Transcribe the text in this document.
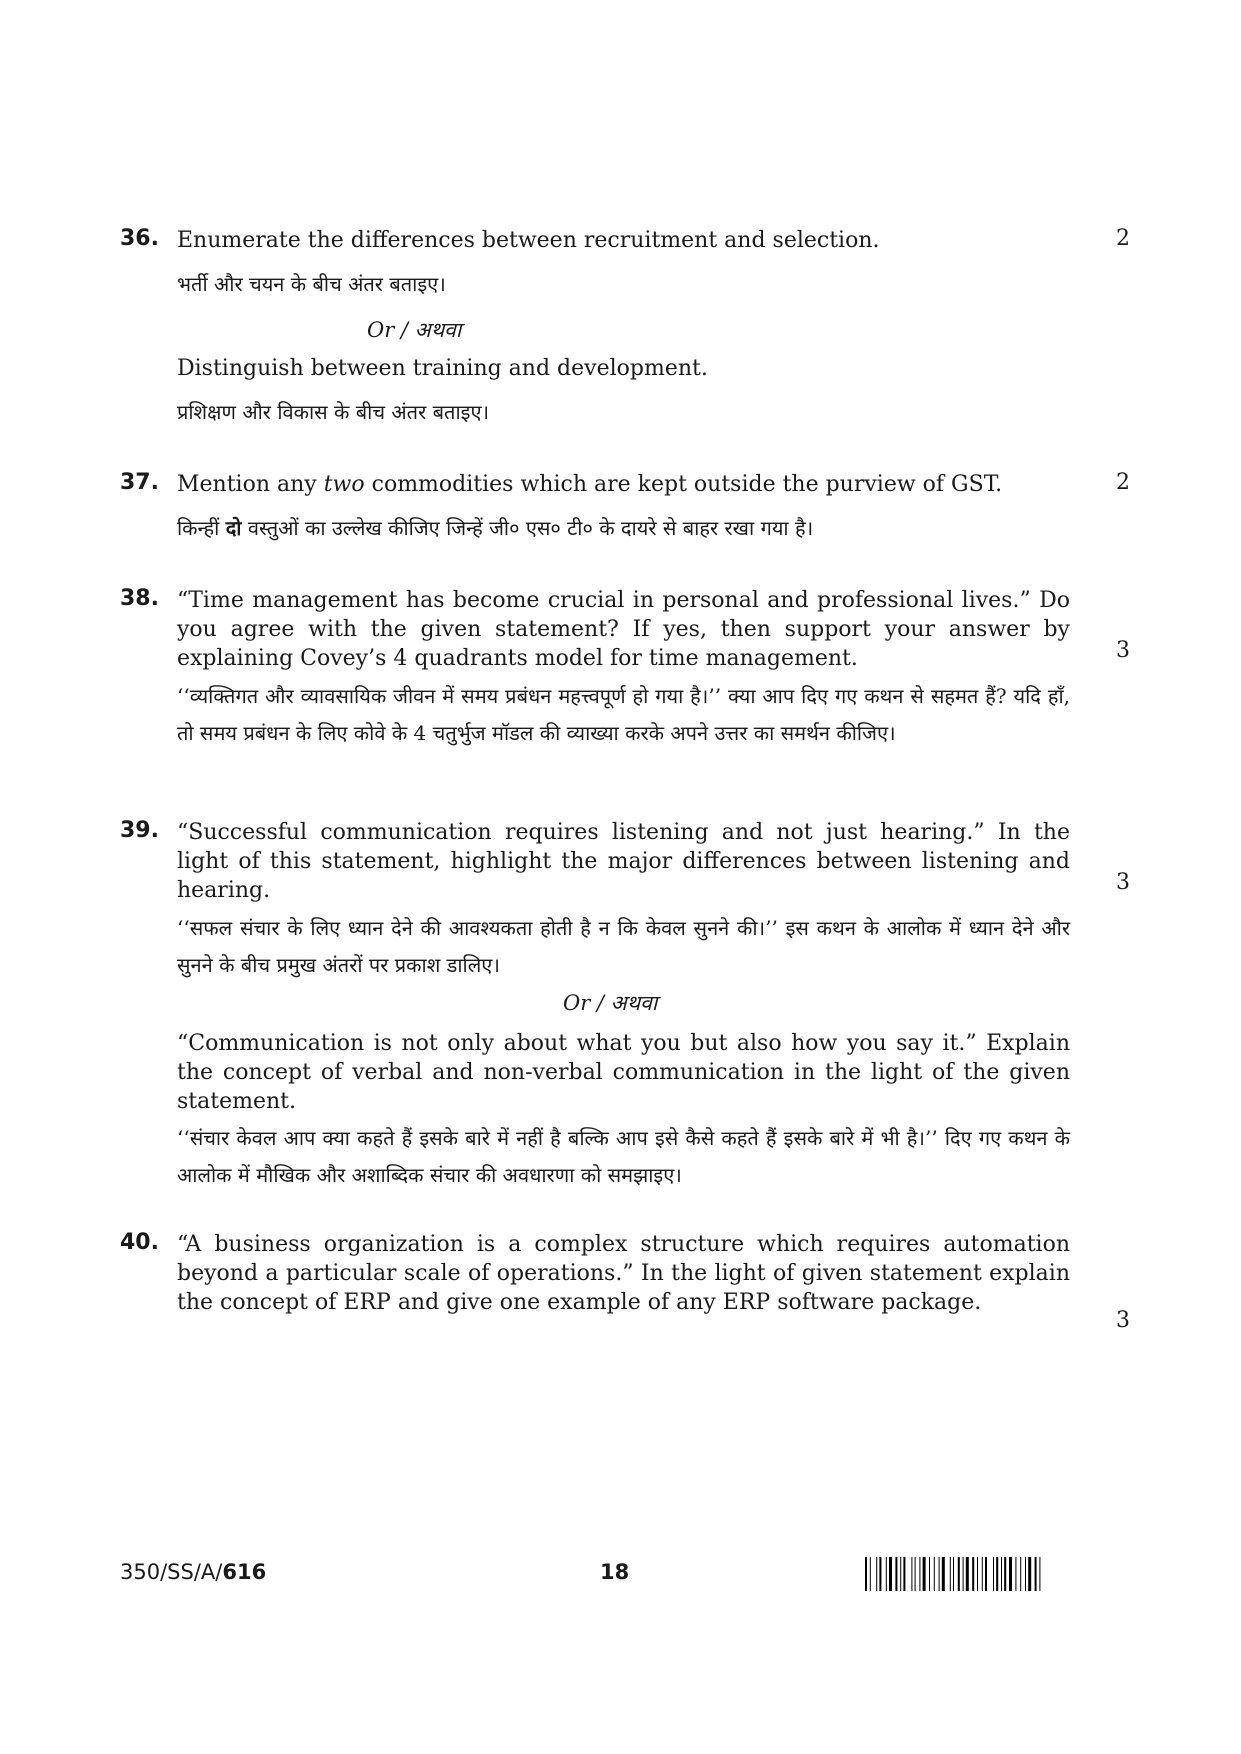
36. Enumerate the differences between recruitment and selection.	2
भर्ती और चयन के बीच अंतर बताइए।
Or / अथवा
Distinguish between training and development.
प्रशिक्षण और विकास के बीच अंतर बताइए।
37. Mention any two commodities which are kept outside the purview of GST.	2
किन्हीं दो वस्तुओं का उल्लेख कीजिए जिन्हें जी० एस० टी० के दायरे से बाहर रखा गया है।
38. “Time management has become crucial in personal and professional lives.” Do you agree with the given statement? If yes, then support your answer by explaining Covey’s 4 quadrants model for time management.	3
‘‘व्यक्तिगत और व्यावसायिक जीवन में समय प्रबंधन महत्त्वपूर्ण हो गया है।’’ क्या आप दिए गए कथन से सहमत हैं? यदि हाँ, तो समय प्रबंधन के लिए कोवे के 4 चतुर्भुज मॉडल की व्याख्या करके अपने उत्तर का समर्थन कीजिए।
39. “Successful communication requires listening and not just hearing.” In the light of this statement, highlight the major differences between listening and hearing.	3
‘‘सफल संचार के लिए ध्यान देने की आवश्यकता होती है न कि केवल सुनने की।’’ इस कथन के आलोक में ध्यान देने और सुनने के बीच प्रमुख अंतरों पर प्रकाश डालिए।
Or / अथवा
“Communication is not only about what you but also how you say it.” Explain the concept of verbal and non-verbal communication in the light of the given statement.
‘‘संचार केवल आप क्या कहते हैं इसके बारे में नहीं है बल्कि आप इसे कैसे कहते हैं इसके बारे में भी है।’’ दिए गए कथन के आलोक में मौखिक और अशाब्दिक संचार की अवधारणा को समझाइए।
40. “A business organization is a complex structure which requires automation beyond a particular scale of operations.” In the light of given statement explain the concept of ERP and give one example of any ERP software package.
3
350/SS/A/616	18
